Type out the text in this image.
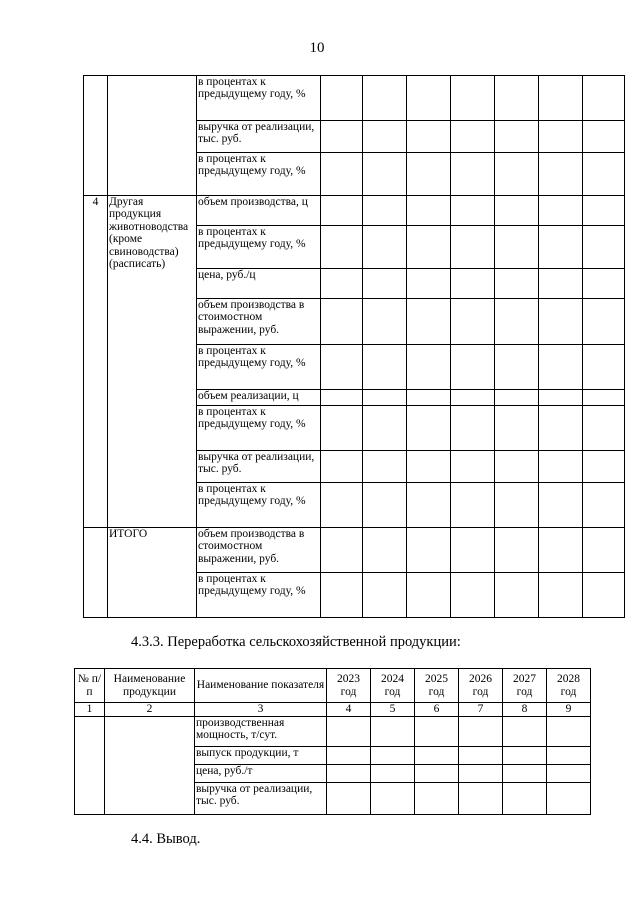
10
		в процентах к предыдущему году, %							
		выручка от реализации, тыс. руб.							
		в процентах к предыдущему году, %							
4	Другая продукция животноводства (кроме свиноводства) (расписать)	объем производства, ц							
		в процентах к предыдущему году, %							
		цена, руб./ц							
		объем производства в стоимостном выражении, руб.							
		в процентах к предыдущему году, %							
		объем реализации, ц							
		в процентах к предыдущему году, %							
		выручка от реализации, тыс. руб.							
		в процентах к предыдущему году, %							
	ИТОГО	объем производства в стоимостном выражении, руб.							
		в процентах к предыдущему году, %							
4.3.3. Переработка сельскохозяйственной продукции:
№ п/п	Наименование продукции	Наименование показателя	2023 год	2024 год	2025 год	2026 год	2027 год	2028 год
1	2	3	4	5	6	7	8	9
		производственная мощность, т/сут.						
		выпуск продукции, т						
		цена, руб./т						
		выручка от реализации, тыс. руб.						
4.4. Вывод.
